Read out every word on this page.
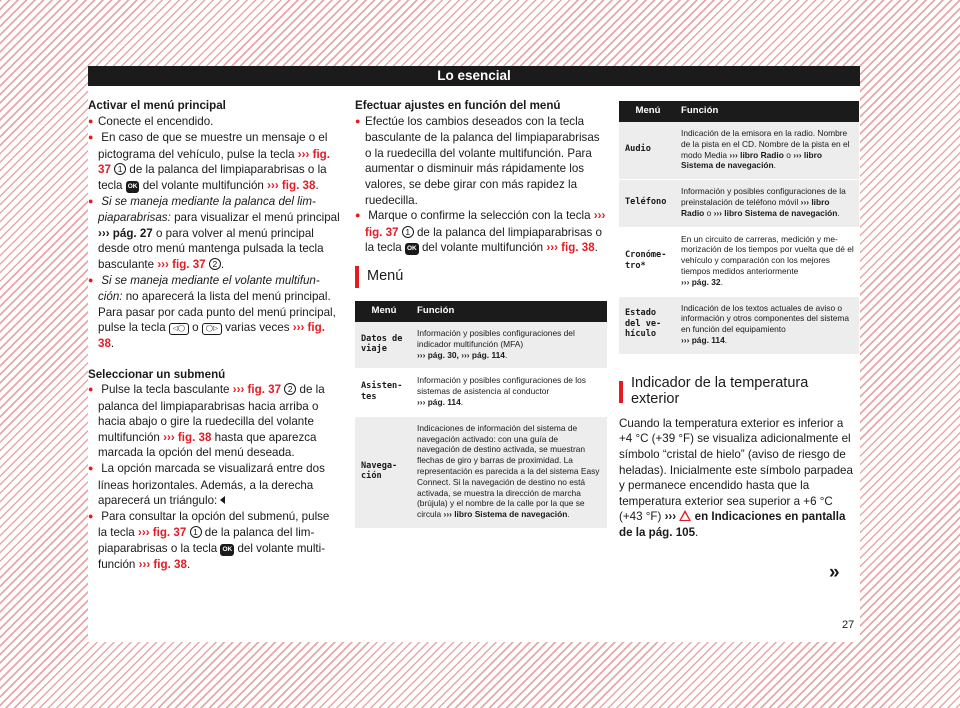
Lo esencial
Activar el menú principal

● Conecte el encendido.

● En caso de que se muestre un mensaje o el pictograma del vehículo, pulse la tecla ››› fig. 37 1 de la palanca del limpiaparabrisas o la tecla OK del volante multifunción ››› fig. 38.

● Si se maneja mediante la palanca del limpiaparabrisas: para visualizar el menú principal ››› pág. 27 o para volver al menú principal desde otro menú mantenga pulsada la tecla basculante ››› fig. 37 2 .

● Si se maneja mediante el volante multifunción: no aparecerá la lista del menú principal. Para pasar por cada punto del menú principal, pulse la tecla ◁◯ o ◯▷ varias veces ››› fig. 38.

Seleccionar un submenú

● Pulse la tecla basculante ››› fig. 37 2 de la palanca del limpiaparabrisas hacia arriba o hacia abajo o gire la ruedecilla del volante multifunción ››› fig. 38 hasta que aparezca marcada la opción del menú deseada.

● La opción marcada se visualizará entre dos líneas horizontales. Además, a la derecha aparecerá un triángulo:

● Para consultar la opción del submenú, pulse la tecla ››› fig. 37 1 de la palanca del limpiaparabrisas o la tecla OK del volante multifunción ››› fig. 38.

Efectuar ajustes en función del menú

● Efectúe los cambios deseados con la tecla basculante de la palanca del limpiaparabrisas o la ruedecilla del volante multifunción. Para aumentar o disminuir más rápidamente los valores, se debe girar con más rapidez la ruedecilla.

● Marque o confirme la selección con la tecla ››› fig. 37 1 de la palanca del limpiaparabrisas o la tecla OK del volante multifunción ››› fig. 38.

Menú
Menú	Función
Datos de viaje	Información y posibles configuraciones del indicador multifunción (MFA)
››› pág. 30, ››› pág. 114.
Asistentes	Información y posibles configuraciones de los sistemas de asistencia al conductor
››› pág. 114.
Navegación	Indicaciones de información del sistema de navegación activado: con una guía de navegación de destino activada, se muestran flechas de giro y barras de proximidad. La representación es parecida a la del sistema Easy Connect. Si la navegación de destino no está activada, se muestra la dirección de marcha (brújula) y el nombre de la calle por la que se circula ››› libro Sistema de navegación.
Menú	Función
Audio	Indicación de la emisora en la radio. Nombre de la pista en el CD. Nombre de la pista en el modo Media ››› libro Radio o ››› libro Sistema de navegación.
Teléfono	Información y posibles configuraciones de la preinstalación de teléfono móvil ››› libro Radio o ››› libro Sistema de navegación.
Cronómetro*	En un circuito de carreras, medición y memorización de los tiempos por vuelta que dé el vehículo y comparación con los mejores tiempos medidos anteriormente
››› pág. 32.
Estado del vehículo	Indicación de los textos actuales de aviso o información y otros componentes del sistema en función del equipamiento
››› pág. 114.
Indicador de la temperatura exterior

Cuando la temperatura exterior es inferior a +4 °C (+39 °F) se visualiza adicionalmente el símbolo “cristal de hielo” (aviso de riesgo de heladas). Inicialmente este símbolo parpadea y permanece encendido hasta que la temperatura exterior sea superior a +6 °C (+43 °F) ››› en Indicaciones en pantalla de la pág. 105.

»
27
